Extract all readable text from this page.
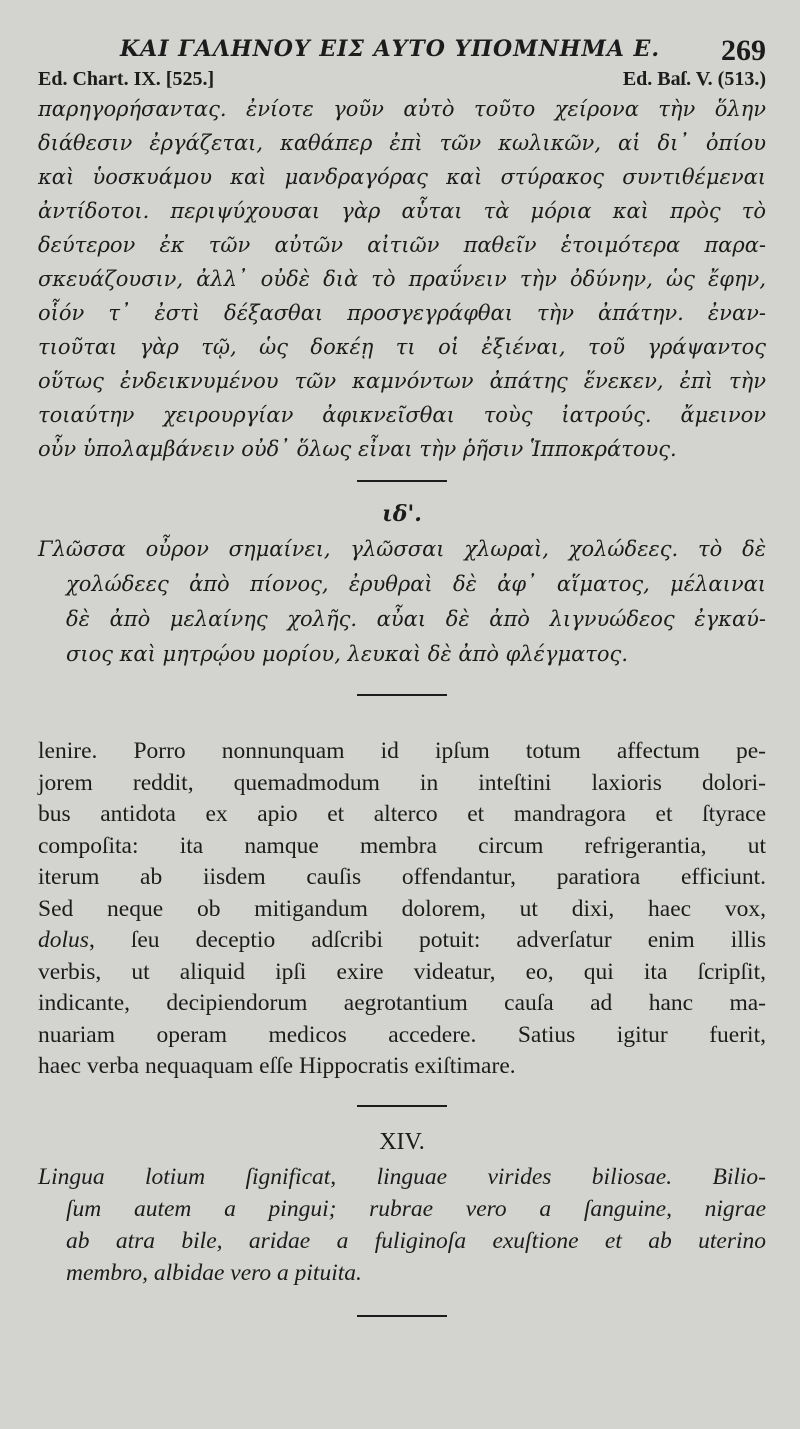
ΚΑΙ ΓΑΛΗΝΟΥ ΕΙΣ ΑΥΤΟ ΥΠΟΜΝΗΜΑ Ε. 269
Ed. Chart. IX. [525.]	Ed. Baſ. V. (513.)

παρηγορήσαντας. ἐνίοτε γοῦν αὐτὸ τοῦτο χείρονα τὴν ὅλην

διάθεσιν ἐργάζεται, καθάπερ ἐπὶ τῶν κωλικῶν, αἱ δι᾽ ὀπίου

καὶ ὑοσκυάμου καὶ μανδραγόρας καὶ στύρακος συντιθέμεναι

ἀντίδοτοι. περιψύχουσαι γὰρ αὗται τὰ μόρια καὶ πρὸς τὸ

δεύτερον ἐκ τῶν αὐτῶν αἰτιῶν παθεῖν ἑτοιμότερα παρα-

σκευάζουσιν, ἀλλ᾽ οὐδὲ διὰ τὸ πραΰνειν τὴν ὀδύνην, ὡς ἔφην,

οἷόν τ᾽ ἐστὶ δέξασθαι προσγεγράφθαι τὴν ἀπάτην. ἐναν-

τιοῦται γὰρ τῷ, ὡς δοκέῃ τι οἱ ἐξιέναι, τοῦ γράψαντος

οὕτως ἐνδεικνυμένου τῶν καμνόντων ἀπάτης ἕνεκεν, ἐπὶ τὴν

τοιαύτην χειρουργίαν ἀφικνεῖσθαι τοὺς ἰατρούς. ἄμεινον

οὖν ὑπολαμβάνειν οὐδ᾽ ὅλως εἶναι τὴν ῥῆσιν Ἱπποκράτους.

ιδ'.

Γλῶσσα οὖρον σημαίνει, γλῶσσαι χλωραὶ, χολώδεες. τὸ δὲ

χολώδεες ἀπὸ πίονος, ἐρυθραὶ δὲ ἀφ᾽ αἵματος, μέλαιναι

δὲ ἀπὸ μελαίνης χολῆς. αὖαι δὲ ἀπὸ λιγνυώδεος ἐγκαύ-

σιος καὶ μητρῴου μορίου, λευκαὶ δὲ ἀπὸ φλέγματος.

lenire. Porro nonnunquam id ipſum totum affectum pe-

jorem reddit, quemadmodum in inteſtini laxioris dolori-

bus antidota ex apio et alterco et mandragora et ſtyrace

compoſita: ita namque membra circum refrigerantia, ut

iterum ab iisdem cauſis offendantur, paratiora efficiunt.

Sed neque ob mitigandum dolorem, ut dixi, haec vox,

dolus, ſeu deceptio adſcribi potuit: adverſatur enim illis

verbis, ut aliquid ipſi exire videatur, eo, qui ita ſcripſit,

indicante, decipiendorum aegrotantium cauſa ad hanc ma-

nuariam operam medicos accedere. Satius igitur fuerit,

haec verba nequaquam eſſe Hippocratis exiſtimare.

XIV.

Lingua lotium ſignificat, linguae virides biliosae. Bilio-

ſum autem a pingui; rubrae vero a ſanguine, nigrae

ab atra bile, aridae a fuliginoſa exuſtione et ab uterino

membro, albidae vero a pituita.
